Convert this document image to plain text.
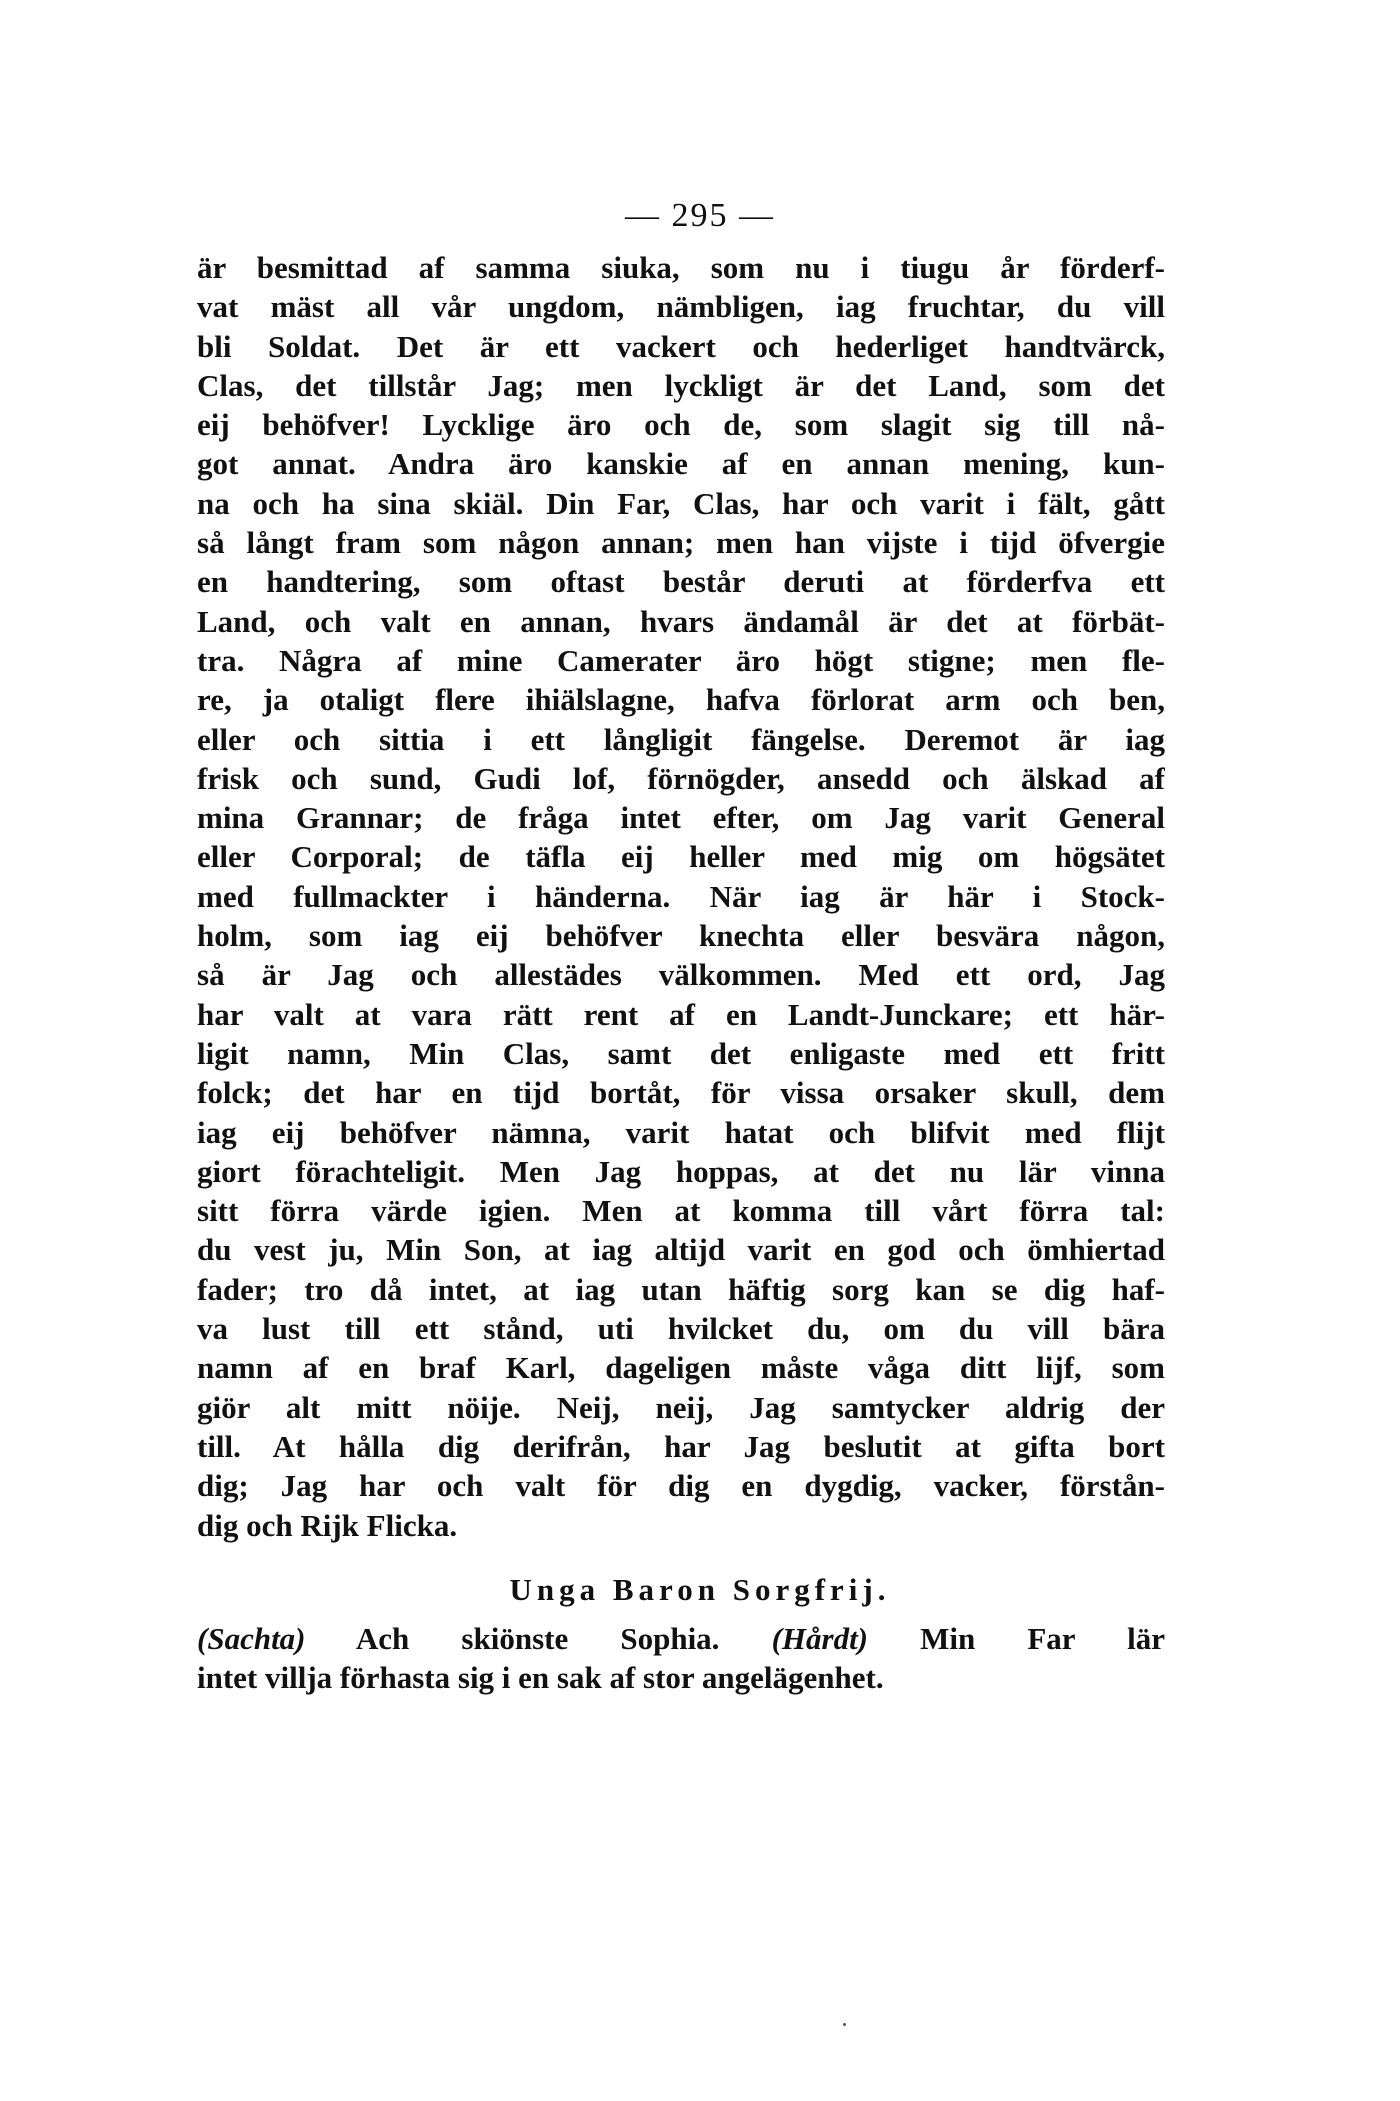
— 295 —
är besmittad af samma siuka, som nu i tiugu år förderf-
vat mäst all vår ungdom, nämbligen, iag fruchtar, du vill
bli Soldat. Det är ett vackert och hederliget handtvärck,
Clas, det tillstår Jag; men lyckligt är det Land, som det
eij behöfver! Lycklige äro och de, som slagit sig till nå-
got annat. Andra äro kanskie af en annan mening, kun-
na och ha sina skiäl. Din Far, Clas, har och varit i fält, gått
så långt fram som någon annan; men han vijste i tijd öfvergie
en handtering, som oftast består deruti at förderfva ett
Land, och valt en annan, hvars ändamål är det at förbät-
tra. Några af mine Camerater äro högt stigne; men fle-
re, ja otaligt flere ihiälslagne, hafva förlorat arm och ben,
eller och sittia i ett långligit fängelse. Deremot är iag
frisk och sund, Gudi lof, förnögder, ansedd och älskad af
mina Grannar; de fråga intet efter, om Jag varit General
eller Corporal; de täfla eij heller med mig om högsätet
med fullmackter i händerna. När iag är här i Stock-
holm, som iag eij behöfver knechta eller besvära någon,
så är Jag och allestädes välkommen. Med ett ord, Jag
har valt at vara rätt rent af en Landt-Junckare; ett här-
ligit namn, Min Clas, samt det enligaste med ett fritt
folck; det har en tijd bortåt, för vissa orsaker skull, dem
iag eij behöfver nämna, varit hatat och blifvit med flijt
giort förachteligit. Men Jag hoppas, at det nu lär vinna
sitt förra värde igien. Men at komma till vårt förra tal:
du vest ju, Min Son, at iag altijd varit en god och ömhiertad
fader; tro då intet, at iag utan häftig sorg kan se dig haf-
va lust till ett stånd, uti hvilcket du, om du vill bära
namn af en braf Karl, dageligen måste våga ditt lijf, som
giör alt mitt nöije. Neij, neij, Jag samtycker aldrig der
till. At hålla dig derifrån, har Jag beslutit at gifta bort
dig; Jag har och valt för dig en dygdig, vacker, förstån-
dig och Rijk Flicka.
Unga Baron Sorgfrij.
(Sachta) Ach skiönste Sophia. (Hårdt) Min Far lär
intet villja förhasta sig i en sak af stor angelägenhet.
